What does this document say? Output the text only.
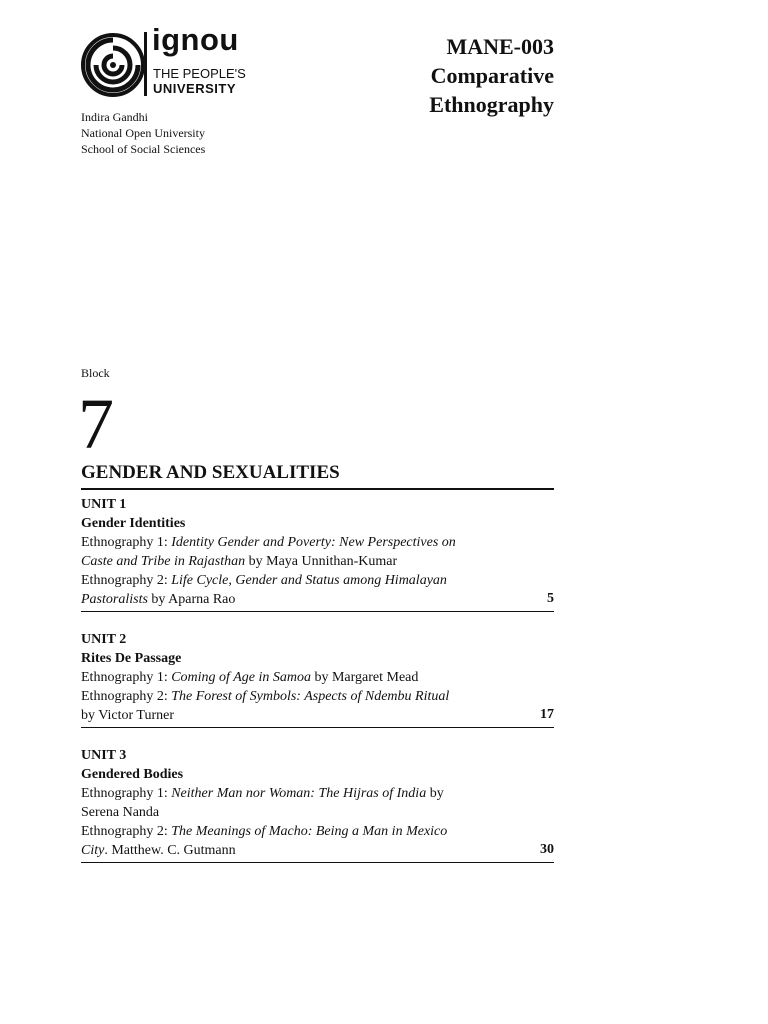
ignou
THE PEOPLE'S
UNIVERSITY
Indira Gandhi
National Open University
School of Social Sciences
MANE-003
Comparative
Ethnography
Block
7
GENDER AND SEXUALITIES
UNIT 1
Gender Identities
Ethnography 1: Identity Gender and Poverty: New Perspectives on
Caste and Tribe in Rajasthan by Maya Unnithan-Kumar
Ethnography 2: Life Cycle, Gender and Status among Himalayan
Pastoralists by Aparna Rao	5
UNIT 2
Rites De Passage
Ethnography 1: Coming of Age in Samoa by Margaret Mead
Ethnography 2: The Forest of Symbols: Aspects of Ndembu Ritual
by Victor Turner	17
UNIT 3
Gendered Bodies
Ethnography 1: Neither Man nor Woman: The Hijras of India by
Serena Nanda
Ethnography 2: The Meanings of Macho: Being a Man in Mexico
City. Matthew. C. Gutmann	30
